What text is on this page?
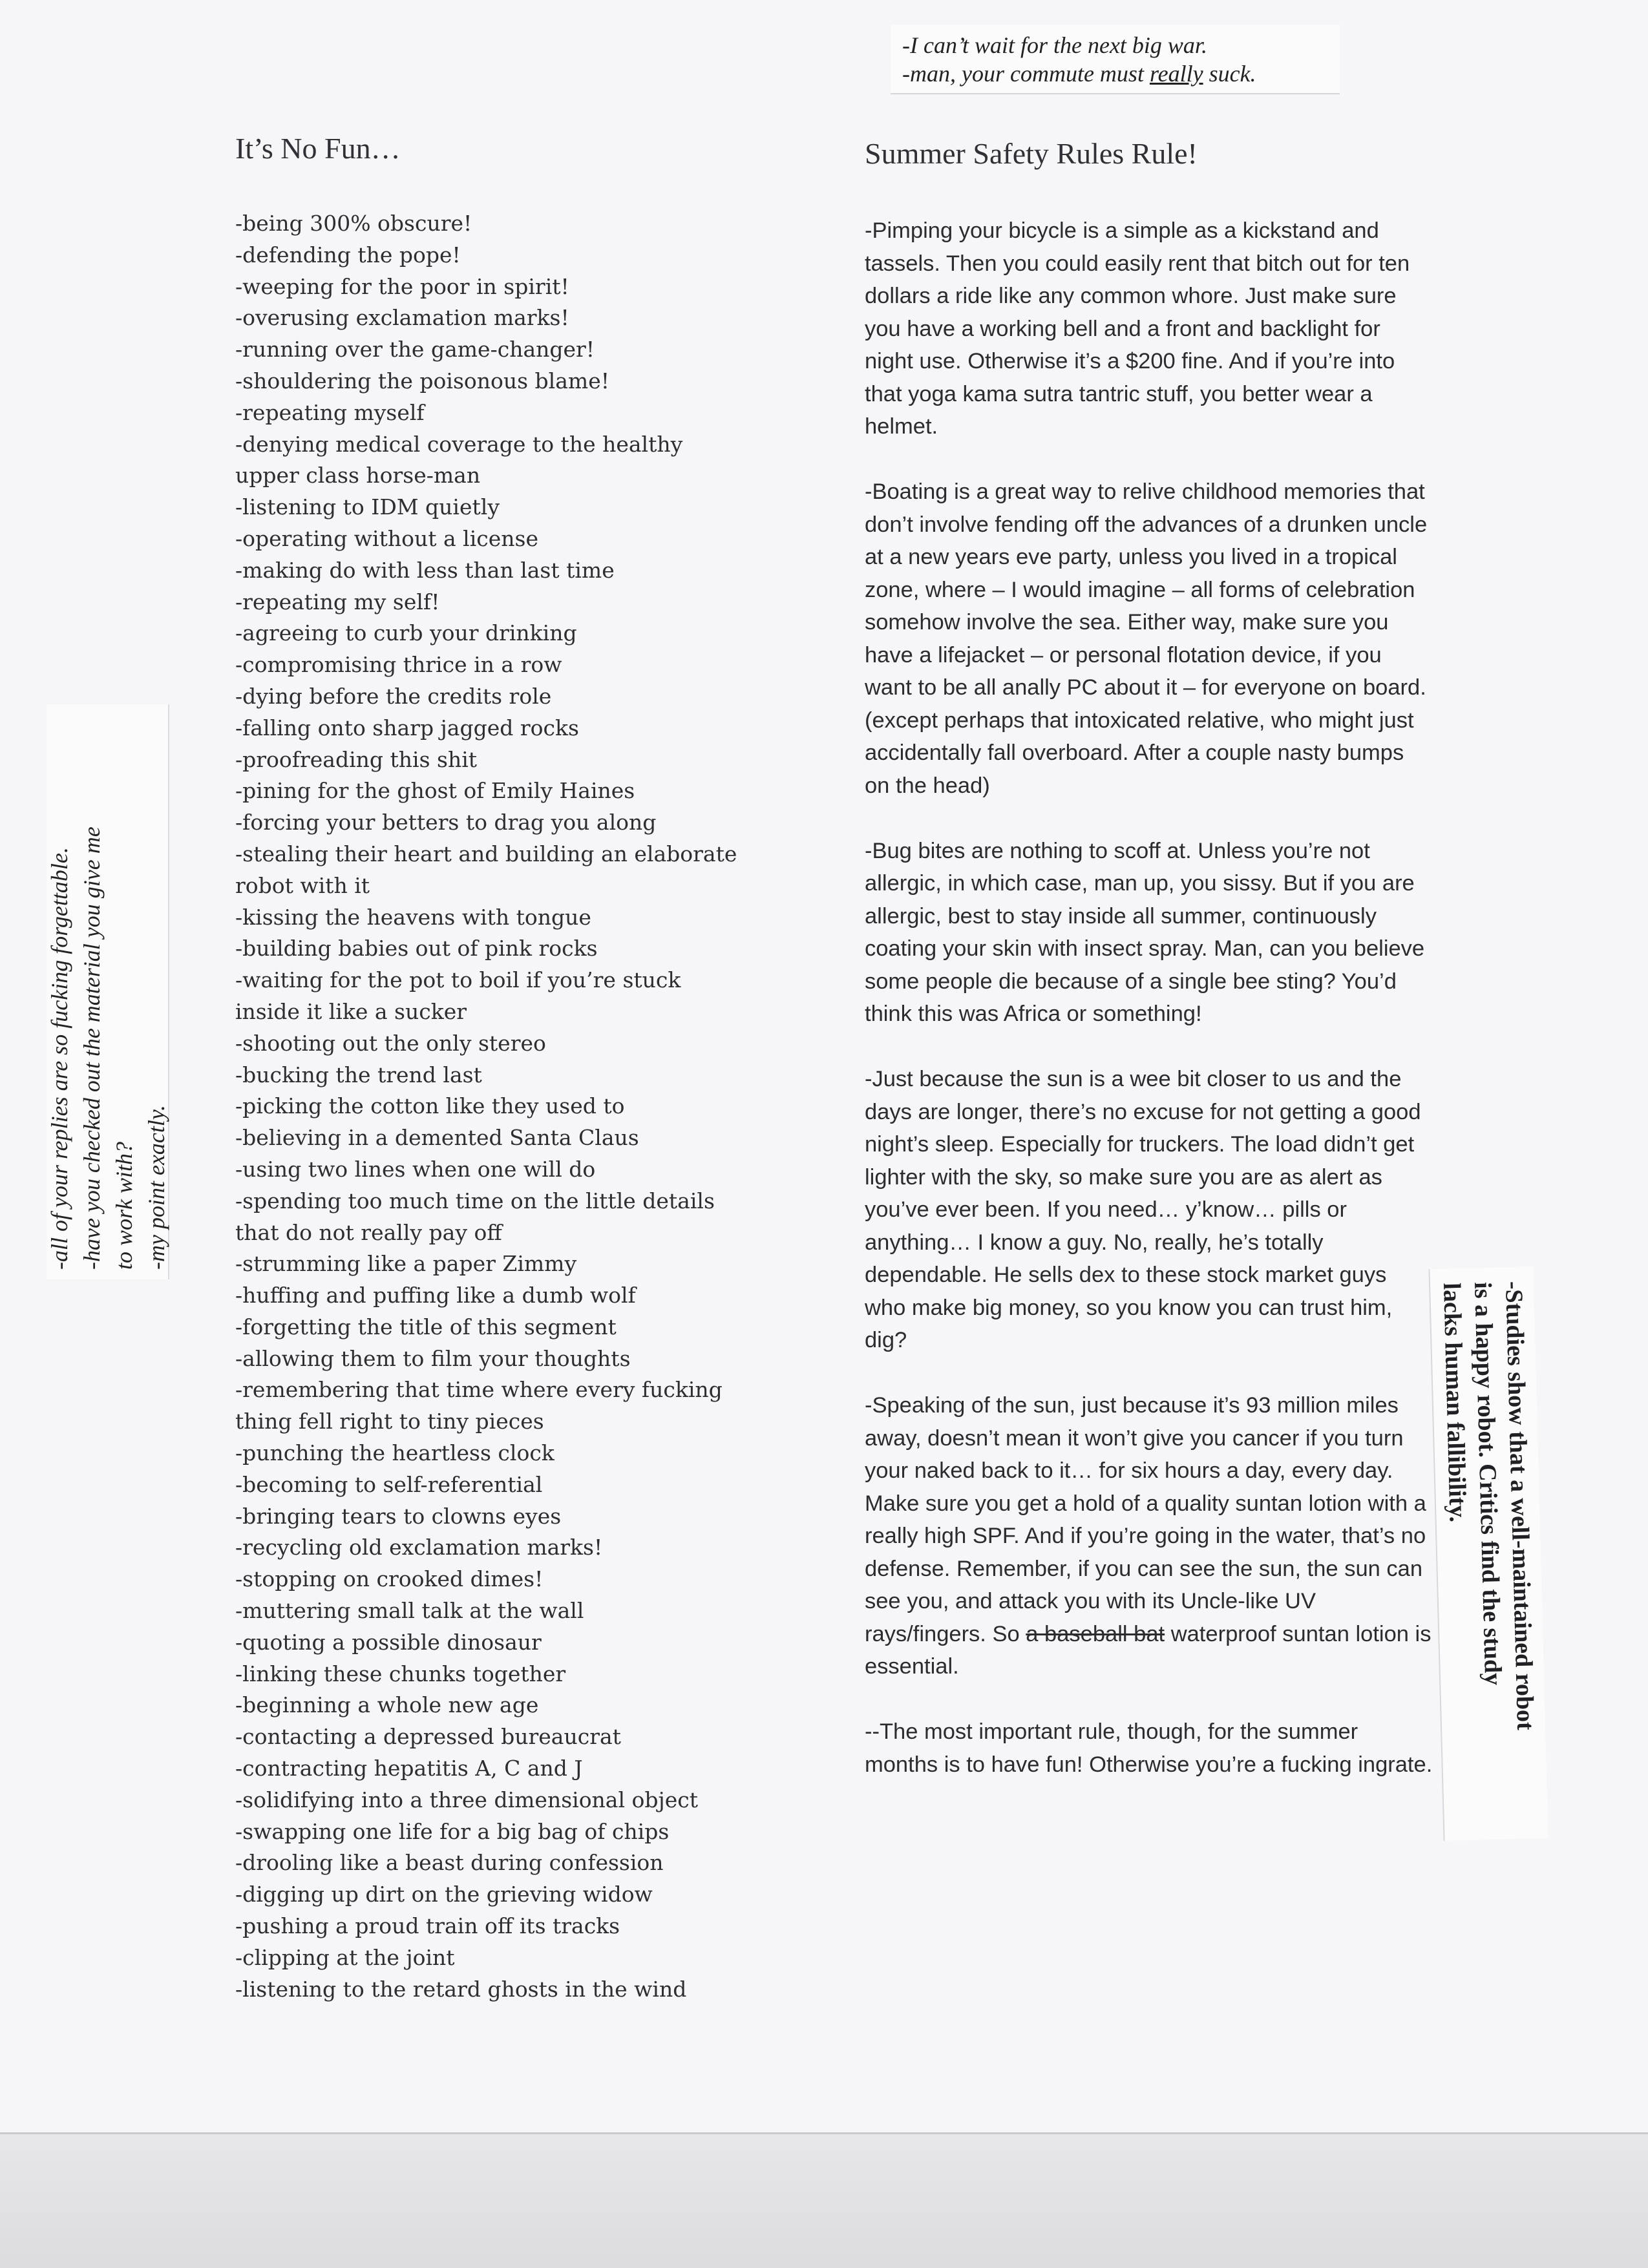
-I can’t wait for the next big war.
-man, your commute must really suck.
It’s No Fun…
-being 300% obscure!
-defending the pope!
-weeping for the poor in spirit!
-overusing exclamation marks!
-running over the game-changer!
-shouldering the poisonous blame!
-repeating myself
-denying medical coverage to the healthy
upper class horse-man
-listening to IDM quietly
-operating without a license
-making do with less than last time
-repeating my self!
-agreeing to curb your drinking
-compromising thrice in a row
-dying before the credits role
-falling onto sharp jagged rocks
-proofreading this shit
-pining for the ghost of Emily Haines
-forcing your betters to drag you along
-stealing their heart and building an elaborate
robot with it
-kissing the heavens with tongue
-building babies out of pink rocks
-waiting for the pot to boil if you’re stuck
inside it like a sucker
-shooting out the only stereo
-bucking the trend last
-picking the cotton like they used to
-believing in a demented Santa Claus
-using two lines when one will do
-spending too much time on the little details
that do not really pay off
-strumming like a paper Zimmy
-huffing and puffing like a dumb wolf
-forgetting the title of this segment
-allowing them to film your thoughts
-remembering that time where every fucking
thing fell right to tiny pieces
-punching the heartless clock
-becoming to self-referential
-bringing tears to clowns eyes
-recycling old exclamation marks!
-stopping on crooked dimes!
-muttering small talk at the wall
-quoting a possible dinosaur
-linking these chunks together
-beginning a whole new age
-contacting a depressed bureaucrat
-contracting hepatitis A, C and J
-solidifying into a three dimensional object
-swapping one life for a big bag of chips
-drooling like a beast during confession
-digging up dirt on the grieving widow
-pushing a proud train off its tracks
-clipping at the joint
-listening to the retard ghosts in the wind
Summer Safety Rules Rule!

-Pimping your bicycle is a simple as a kickstand and tassels. Then you could easily rent that bitch out for ten dollars a ride like any common whore. Just make sure you have a working bell and a front and backlight for night use. Otherwise it’s a $200 fine. And if you’re into that yoga kama sutra tantric stuff, you better wear a helmet.

-Boating is a great way to relive childhood memories that don’t involve fending off the advances of a drunken uncle at a new years eve party, unless you lived in a tropical zone, where – I would imagine – all forms of celebration somehow involve the sea. Either way, make sure you have a lifejacket – or personal flotation device, if you want to be all anally PC about it – for everyone on board. (except perhaps that intoxicated relative, who might just accidentally fall overboard. After a couple nasty bumps on the head)

-Bug bites are nothing to scoff at. Unless you’re not allergic, in which case, man up, you sissy. But if you are allergic, best to stay inside all summer, continuously coating your skin with insect spray. Man, can you believe some people die because of a single bee sting? You’d think this was Africa or something!

-Just because the sun is a wee bit closer to us and the days are longer, there’s no excuse for not getting a good night’s sleep. Especially for truckers. The load didn’t get lighter with the sky, so make sure you are as alert as you’ve ever been. If you need… y’know… pills or anything… I know a guy. No, really, he’s totally dependable. He sells dex to these stock market guys who make big money, so you know you can trust him, dig?

-Speaking of the sun, just because it’s 93 million miles away, doesn’t mean it won’t give you cancer if you turn your naked back to it… for six hours a day, every day. Make sure you get a hold of a quality suntan lotion with a really high SPF. And if you’re going in the water, that’s no defense. Remember, if you can see the sun, the sun can see you, and attack you with its Uncle-like UV rays/fingers. So a baseball bat waterproof suntan lotion is essential.

--The most important rule, though, for the summer months is to have fun! Otherwise you’re a fucking ingrate.

-all of your replies are so fucking forgettable. -have you checked out the material you give me to work with? -my point exactly.
-Studies show that a well-maintained robot
is a happy robot. Critics find the study
lacks human fallibility.
